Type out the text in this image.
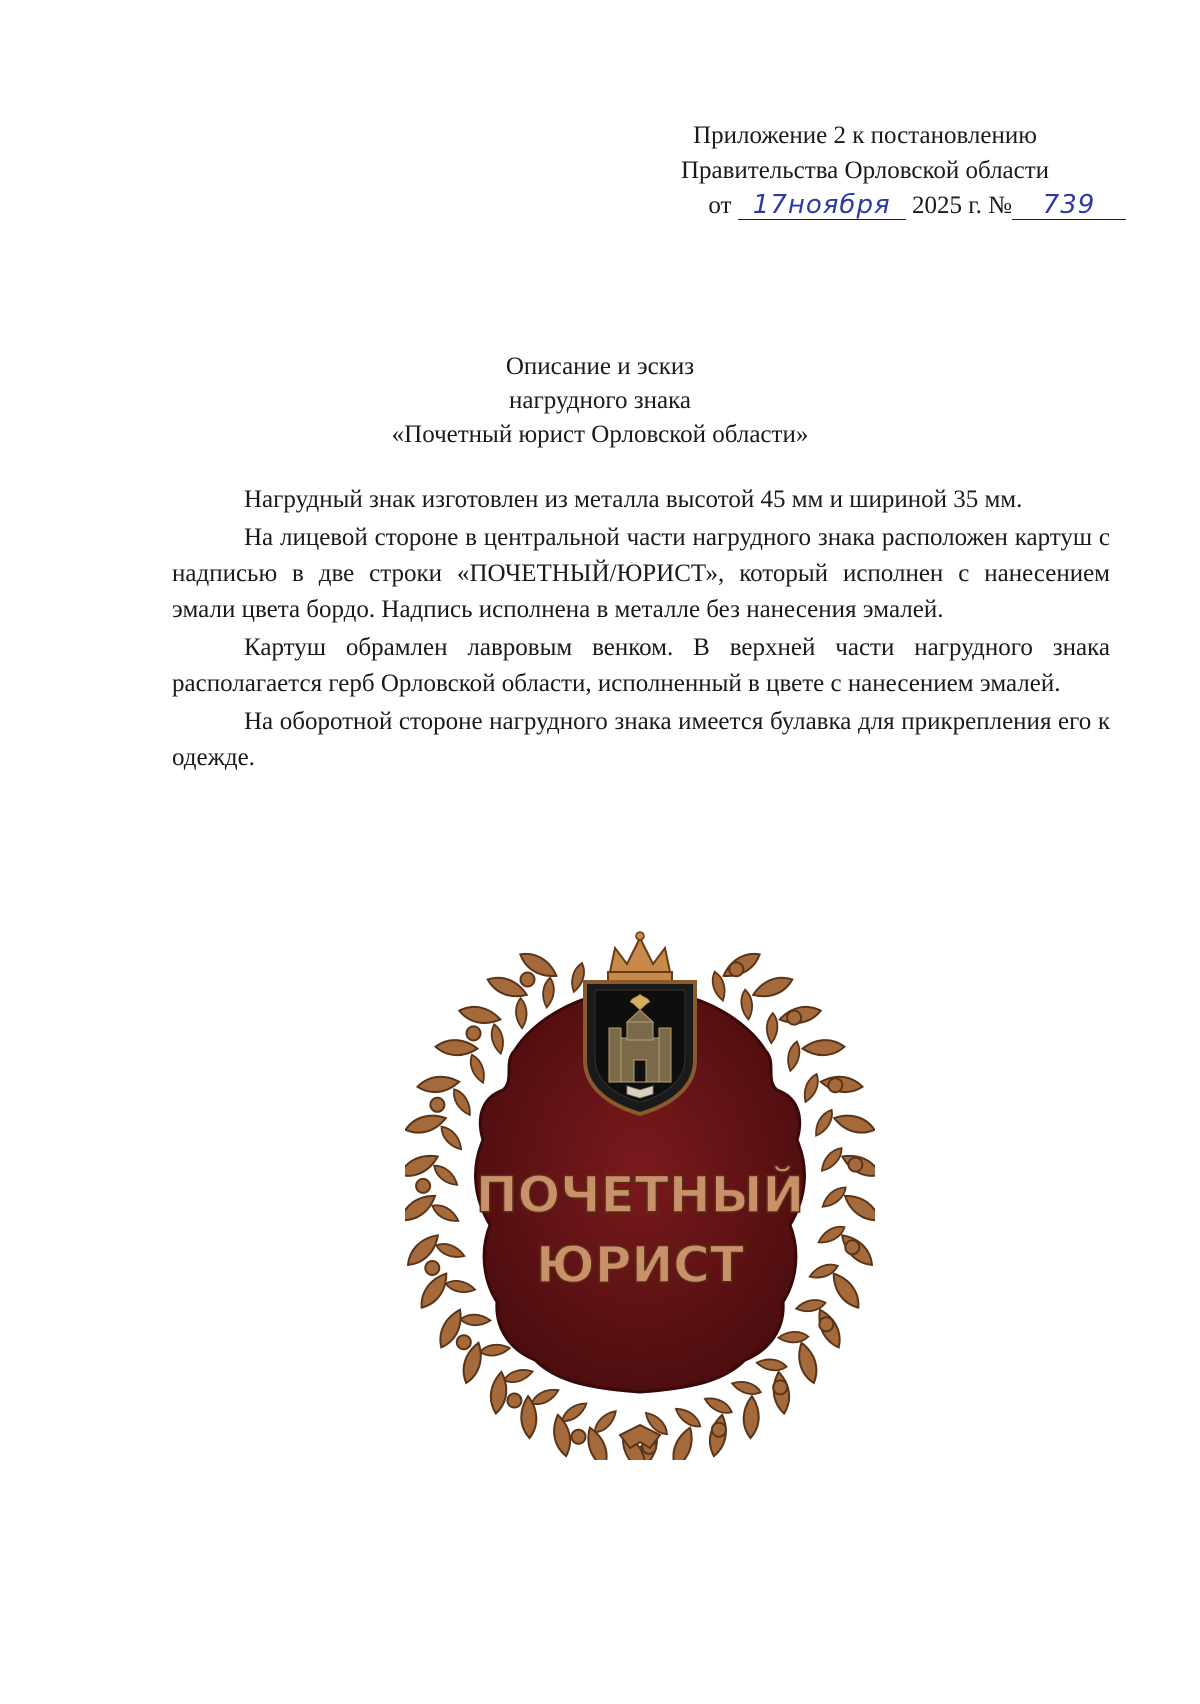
Приложение 2 к постановлению
Правительства Орловской области
от 17ноября 2025 г. № 739
Описание и эскиз
нагрудного знака
«Почетный юрист Орловской области»

Нагрудный знак изготовлен из металла высотой 45 мм и шириной 35 мм.

На лицевой стороне в центральной части нагрудного знака расположен картуш с надписью в две строки «ПОЧЕТНЫЙ/ЮРИСТ», который исполнен с нанесением эмали цвета бордо. Надпись исполнена в металле без нанесения эмалей.

Картуш обрамлен лавровым венком. В верхней части нагрудного знака располагается герб Орловской области, исполненный в цвете с нанесением эмалей.

На оборотной стороне нагрудного знака имеется булавка для прикрепления его к одежде.

ПОЧЕТНЫЙ
ЮРИСТ
